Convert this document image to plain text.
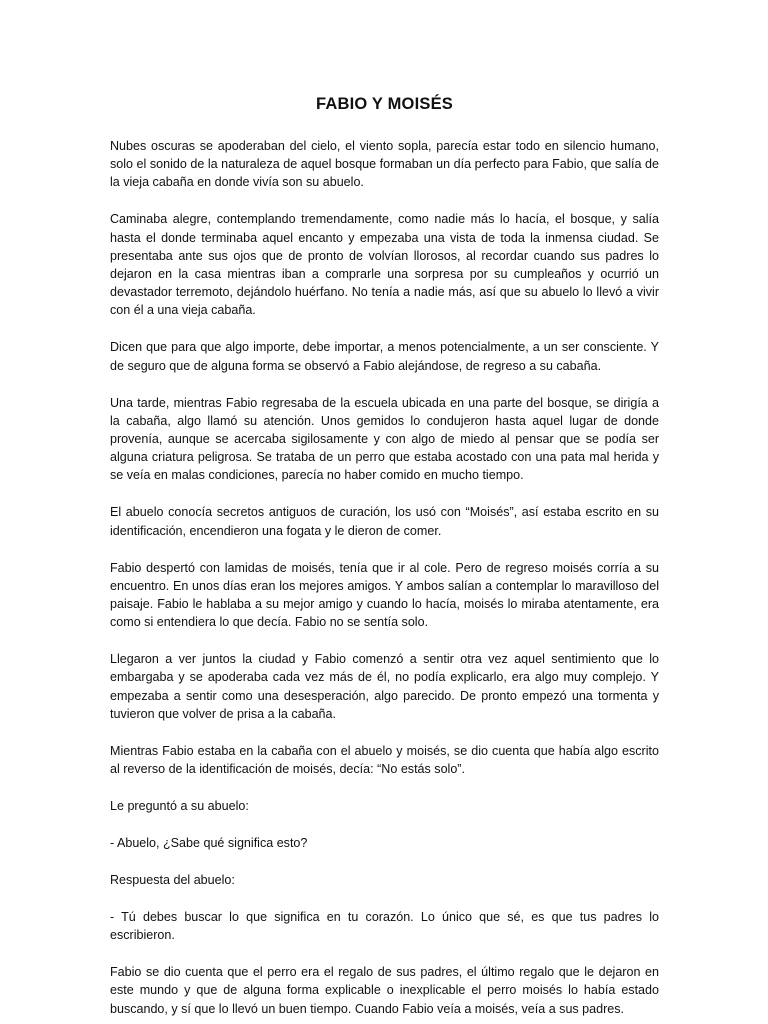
FABIO Y MOISÉS

Nubes oscuras se apoderaban del cielo, el viento sopla, parecía estar todo en silencio humano, solo el sonido de la naturaleza de aquel bosque formaban un día perfecto para Fabio, que salía de la vieja cabaña en donde vivía son su abuelo.

Caminaba alegre, contemplando tremendamente, como nadie más lo hacía, el bosque, y salía hasta el donde terminaba aquel encanto y empezaba una vista de toda la inmensa ciudad. Se presentaba ante sus ojos que de pronto de volvían llorosos, al recordar cuando sus padres lo dejaron en la casa mientras iban a comprarle una sorpresa por su cumpleaños y ocurrió un devastador terremoto, dejándolo huérfano. No tenía a nadie más, así que su abuelo lo llevó a vivir con él a una vieja cabaña.

Dicen que para que algo importe, debe importar, a menos potencialmente, a un ser consciente. Y de seguro que de alguna forma se observó a Fabio alejándose, de regreso a su cabaña.

Una tarde, mientras Fabio regresaba de la escuela ubicada en una parte del bosque, se dirigía a la cabaña, algo llamó su atención. Unos gemidos lo condujeron hasta aquel lugar de donde provenía, aunque se acercaba sigilosamente y con algo de miedo al pensar que se podía ser alguna criatura peligrosa. Se trataba de un perro que estaba acostado con una pata mal herida y se veía en malas condiciones, parecía no haber comido en mucho tiempo.

El abuelo conocía secretos antiguos de curación, los usó con “Moisés”, así estaba escrito en su identificación, encendieron una fogata y le dieron de comer.

Fabio despertó con lamidas de moisés, tenía que ir al cole. Pero de regreso moisés corría a su encuentro. En unos días eran los mejores amigos. Y ambos salían a contemplar lo maravilloso del paisaje. Fabio le hablaba a su mejor amigo y cuando lo hacía, moisés lo miraba atentamente, era como si entendiera lo que decía. Fabio no se sentía solo.

Llegaron a ver juntos la ciudad y Fabio comenzó a sentir otra vez aquel sentimiento que lo embargaba y se apoderaba cada vez más de él, no podía explicarlo, era algo muy complejo. Y empezaba a sentir como una desesperación, algo parecido. De pronto empezó una tormenta y tuvieron que volver de prisa a la cabaña.

Mientras Fabio estaba en la cabaña con el abuelo y moisés, se dio cuenta que había algo escrito al reverso de la identificación de moisés, decía: “No estás solo”.

Le preguntó a su abuelo:

- Abuelo, ¿Sabe qué significa esto?

Respuesta del abuelo:

- Tú debes buscar lo que significa en tu corazón. Lo único que sé, es que tus padres lo escribieron.

Fabio se dio cuenta que el perro era el regalo de sus padres, el último regalo que le dejaron en este mundo y que de alguna forma explicable o inexplicable el perro moisés lo había estado buscando, y sí que lo llevó un buen tiempo. Cuando Fabio veía a moisés, veía a sus padres.
